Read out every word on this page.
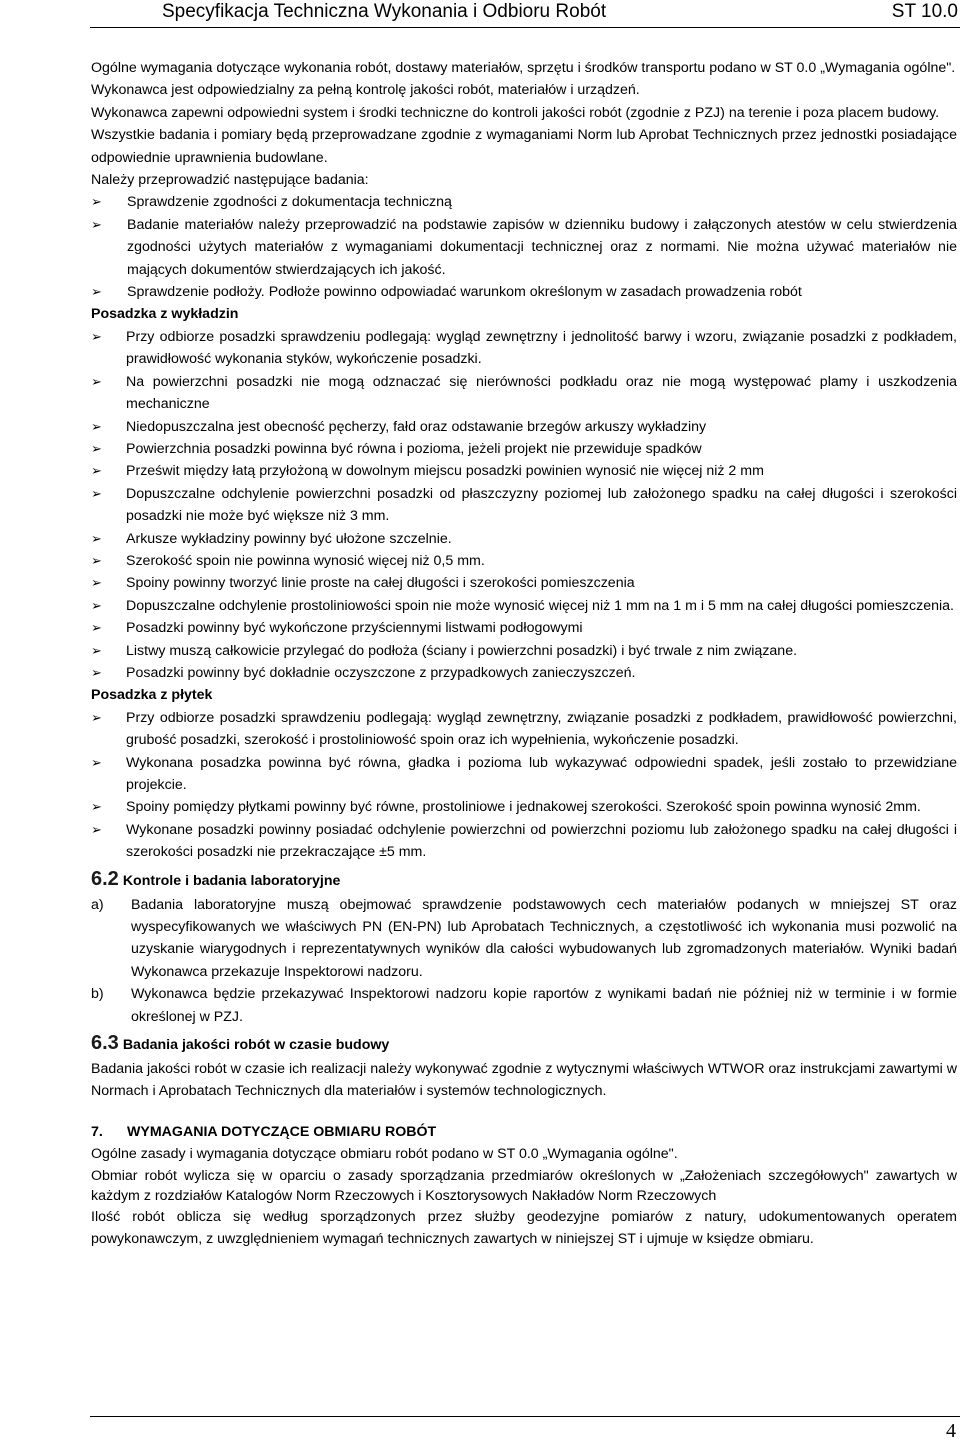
Specyfikacja Techniczna Wykonania i Odbioru Robót	ST 10.0

Ogólne wymagania dotyczące wykonania robót, dostawy materiałów, sprzętu i środków transportu podano w ST 0.0 „Wymagania ogólne".

Wykonawca jest odpowiedzialny za pełną kontrolę jakości robót, materiałów i urządzeń.

Wykonawca zapewni odpowiedni system i środki techniczne do kontroli jakości robót (zgodnie z PZJ) na terenie i poza placem budowy.

Wszystkie badania i pomiary będą przeprowadzane zgodnie z wymaganiami Norm lub Aprobat Technicznych przez jednostki posiadające odpowiednie uprawnienia budowlane.

Należy przeprowadzić następujące badania:

➢ Sprawdzenie zgodności z dokumentacja techniczną
➢ Badanie materiałów należy przeprowadzić na podstawie zapisów w dzienniku budowy i załączonych atestów w celu stwierdzenia zgodności użytych materiałów z wymaganiami dokumentacji technicznej oraz z normami. Nie można używać materiałów nie mających dokumentów stwierdzających ich jakość.
➢ Sprawdzenie podłoży. Podłoże powinno odpowiadać warunkom określonym w zasadach prowadzenia robót

Posadzka z wykładzin

➢ Przy odbiorze posadzki sprawdzeniu podlegają: wygląd zewnętrzny i jednolitość barwy i wzoru, związanie posadzki z podkładem, prawidłowość wykonania styków, wykończenie posadzki.
➢ Na powierzchni posadzki nie mogą odznaczać się nierówności podkładu oraz nie mogą występować plamy i uszkodzenia mechaniczne
➢ Niedopuszczalna jest obecność pęcherzy, fałd oraz odstawanie brzegów arkuszy wykładziny
➢ Powierzchnia posadzki powinna być równa i pozioma, jeżeli projekt nie przewiduje spadków
➢ Prześwit między łatą przyłożoną w dowolnym miejscu posadzki powinien wynosić nie więcej niż 2 mm
➢ Dopuszczalne odchylenie powierzchni posadzki od płaszczyzny poziomej lub założonego spadku na całej długości i szerokości posadzki nie może być większe niż 3 mm.
➢ Arkusze wykładziny powinny być ułożone szczelnie.
➢ Szerokość spoin nie powinna wynosić więcej niż 0,5 mm.
➢ Spoiny powinny tworzyć linie proste na całej długości i szerokości pomieszczenia
➢ Dopuszczalne odchylenie prostoliniowości spoin nie może wynosić więcej niż 1 mm na 1 m i 5 mm na całej długości pomieszczenia.
➢ Posadzki powinny być wykończone przyściennymi listwami podłogowymi
➢ Listwy muszą całkowicie przylegać do podłoża (ściany i powierzchni posadzki) i być trwale z nim związane.
➢ Posadzki powinny być dokładnie oczyszczone z przypadkowych zanieczyszczeń.

Posadzka z płytek

➢ Przy odbiorze posadzki sprawdzeniu podlegają: wygląd zewnętrzny, związanie posadzki z podkładem, prawidłowość powierzchni, grubość posadzki, szerokość i prostoliniowość spoin oraz ich wypełnienia, wykończenie posadzki.
➢ Wykonana posadzka powinna być równa, gładka i pozioma lub wykazywać odpowiedni spadek, jeśli zostało to przewidziane projekcie.
➢ Spoiny pomiędzy płytkami powinny być równe, prostoliniowe i jednakowej szerokości. Szerokość spoin powinna wynosić 2mm.
➢ Wykonane posadzki powinny posiadać odchylenie powierzchni od powierzchni poziomu lub założonego spadku na całej długości i szerokości posadzki nie przekraczające ±5 mm.
6.2 Kontrole i badania laboratoryjne
a) Badania laboratoryjne muszą obejmować sprawdzenie podstawowych cech materiałów podanych w mniejszej ST oraz wyspecyfikowanych we właściwych PN (EN-PN) lub Aprobatach Technicznych, a częstotliwość ich wykonania musi pozwolić na uzyskanie wiarygodnych i reprezentatywnych wyników dla całości wybudowanych lub zgromadzonych materiałów. Wyniki badań Wykonawca przekazuje Inspektorowi nadzoru.
b) Wykonawca będzie przekazywać Inspektorowi nadzoru kopie raportów z wynikami badań nie później niż w terminie i w formie określonej w PZJ.
6.3 Badania jakości robót w czasie budowy

Badania jakości robót w czasie ich realizacji należy wykonywać zgodnie z wytycznymi właściwych WTWOR oraz instrukcjami zawartymi w Normach i Aprobatach Technicznych dla materiałów i systemów technologicznych.

7. WYMAGANIA DOTYCZĄCE OBMIARU ROBÓT

Ogólne zasady i wymagania dotyczące obmiaru robót podano w ST 0.0 „Wymagania ogólne".

Obmiar robót wylicza się w oparciu o zasady sporządzania przedmiarów określonych w „Założeniach szczegółowych" zawartych w każdym z rozdziałów Katalogów Norm Rzeczowych i Kosztorysowych Nakładów Norm Rzeczowych

Ilość robót oblicza się według sporządzonych przez służby geodezyjne pomiarów z natury, udokumentowanych operatem powykonawczym, z uwzględnieniem wymagań technicznych zawartych w niniejszej ST i ujmuje w księdze obmiaru.

4
